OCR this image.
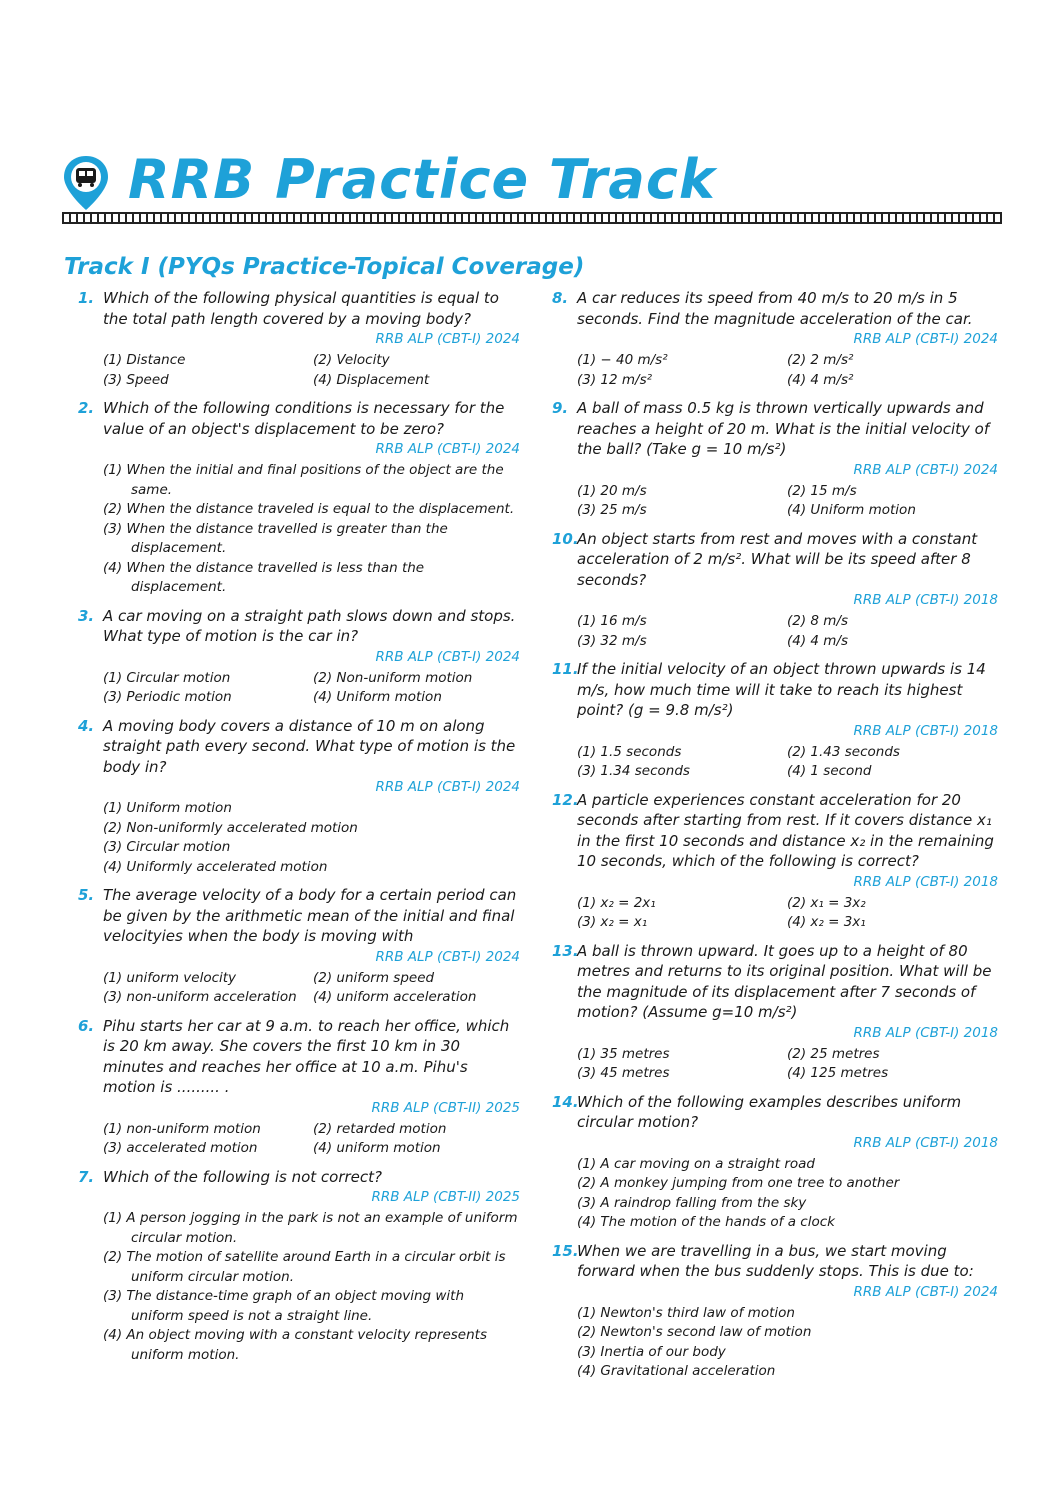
RRB Practice Track
Track I (PYQs Practice-Topical Coverage)
1. Which of the following physical quantities is equal to the total path length covered by a moving body?
RRB ALP (CBT-I) 2024
(1) Distance	(2) Velocity
(3) Speed	(4) Displacement
2. Which of the following conditions is necessary for the value of an object's displacement to be zero?
RRB ALP (CBT-I) 2024
(1) When the initial and final positions of the object are the same.
(2) When the distance traveled is equal to the displacement.
(3) When the distance travelled is greater than the displacement.
(4) When the distance travelled is less than the displacement.
3. A car moving on a straight path slows down and stops. What type of motion is the car in?
RRB ALP (CBT-I) 2024
(1) Circular motion	(2) Non-uniform motion
(3) Periodic motion	(4) Uniform motion
4. A moving body covers a distance of 10 m on along straight path every second. What type of motion is the body in?
RRB ALP (CBT-I) 2024
(1) Uniform motion
(2) Non-uniformly accelerated motion
(3) Circular motion
(4) Uniformly accelerated motion
5. The average velocity of a body for a certain period can be given by the arithmetic mean of the initial and final velocityies when the body is moving with
RRB ALP (CBT-I) 2024
(1) uniform velocity	(2) uniform speed
(3) non-uniform acceleration	(4) uniform acceleration
6. Pihu starts her car at 9 a.m. to reach her office, which is 20 km away. She covers the first 10 km in 30 minutes and reaches her office at 10 a.m. Pihu's motion is ......... .
RRB ALP (CBT-II) 2025
(1) non-uniform motion	(2) retarded motion
(3) accelerated motion	(4) uniform motion
7. Which of the following is not correct?
RRB ALP (CBT-II) 2025
(1) A person jogging in the park is not an example of uniform circular motion.
(2) The motion of satellite around Earth in a circular orbit is uniform circular motion.
(3) The distance-time graph of an object moving with uniform speed is not a straight line.
(4) An object moving with a constant velocity represents uniform motion.
8. A car reduces its speed from 40 m/s to 20 m/s in 5 seconds. Find the magnitude acceleration of the car.
RRB ALP (CBT-I) 2024
(1) − 40 m/s²	(2) 2 m/s²
(3) 12 m/s²	(4) 4 m/s²
9. A ball of mass 0.5 kg is thrown vertically upwards and reaches a height of 20 m. What is the initial velocity of the ball? (Take g = 10 m/s²)
RRB ALP (CBT-I) 2024
(1) 20 m/s	(2) 15 m/s
(3) 25 m/s	(4) Uniform motion
10.
An object starts from rest and moves with a constant acceleration of 2 m/s². What will be its speed after 8 seconds?
RRB ALP (CBT-I) 2018
(1) 16 m/s	(2) 8 m/s
(3) 32 m/s	(4) 4 m/s
11.
If the initial velocity of an object thrown upwards is 14 m/s, how much time will it take to reach its highest point? (g = 9.8 m/s²)
RRB ALP (CBT-I) 2018
(1) 1.5 seconds	(2) 1.43 seconds
(3) 1.34 seconds	(4) 1 second
12.
A particle experiences constant acceleration for 20 seconds after starting from rest. If it covers distance x₁ in the first 10 seconds and distance x₂ in the remaining 10 seconds, which of the following is correct?
RRB ALP (CBT-I) 2018
(1) x₂ = 2x₁	(2) x₁ = 3x₂
(3) x₂ = x₁	(4) x₂ = 3x₁
13.
A ball is thrown upward. It goes up to a height of 80 metres and returns to its original position. What will be the magnitude of its displacement after 7 seconds of motion? (Assume g=10 m/s²)
RRB ALP (CBT-I) 2018
(1) 35 metres	(2) 25 metres
(3) 45 metres	(4) 125 metres
14.
Which of the following examples describes uniform circular motion?
RRB ALP (CBT-I) 2018
(1) A car moving on a straight road
(2) A monkey jumping from one tree to another
(3) A raindrop falling from the sky
(4) The motion of the hands of a clock
15.
When we are travelling in a bus, we start moving forward when the bus suddenly stops. This is due to:
RRB ALP (CBT-I) 2024
(1) Newton's third law of motion
(2) Newton's second law of motion
(3) Inertia of our body
(4) Gravitational acceleration
